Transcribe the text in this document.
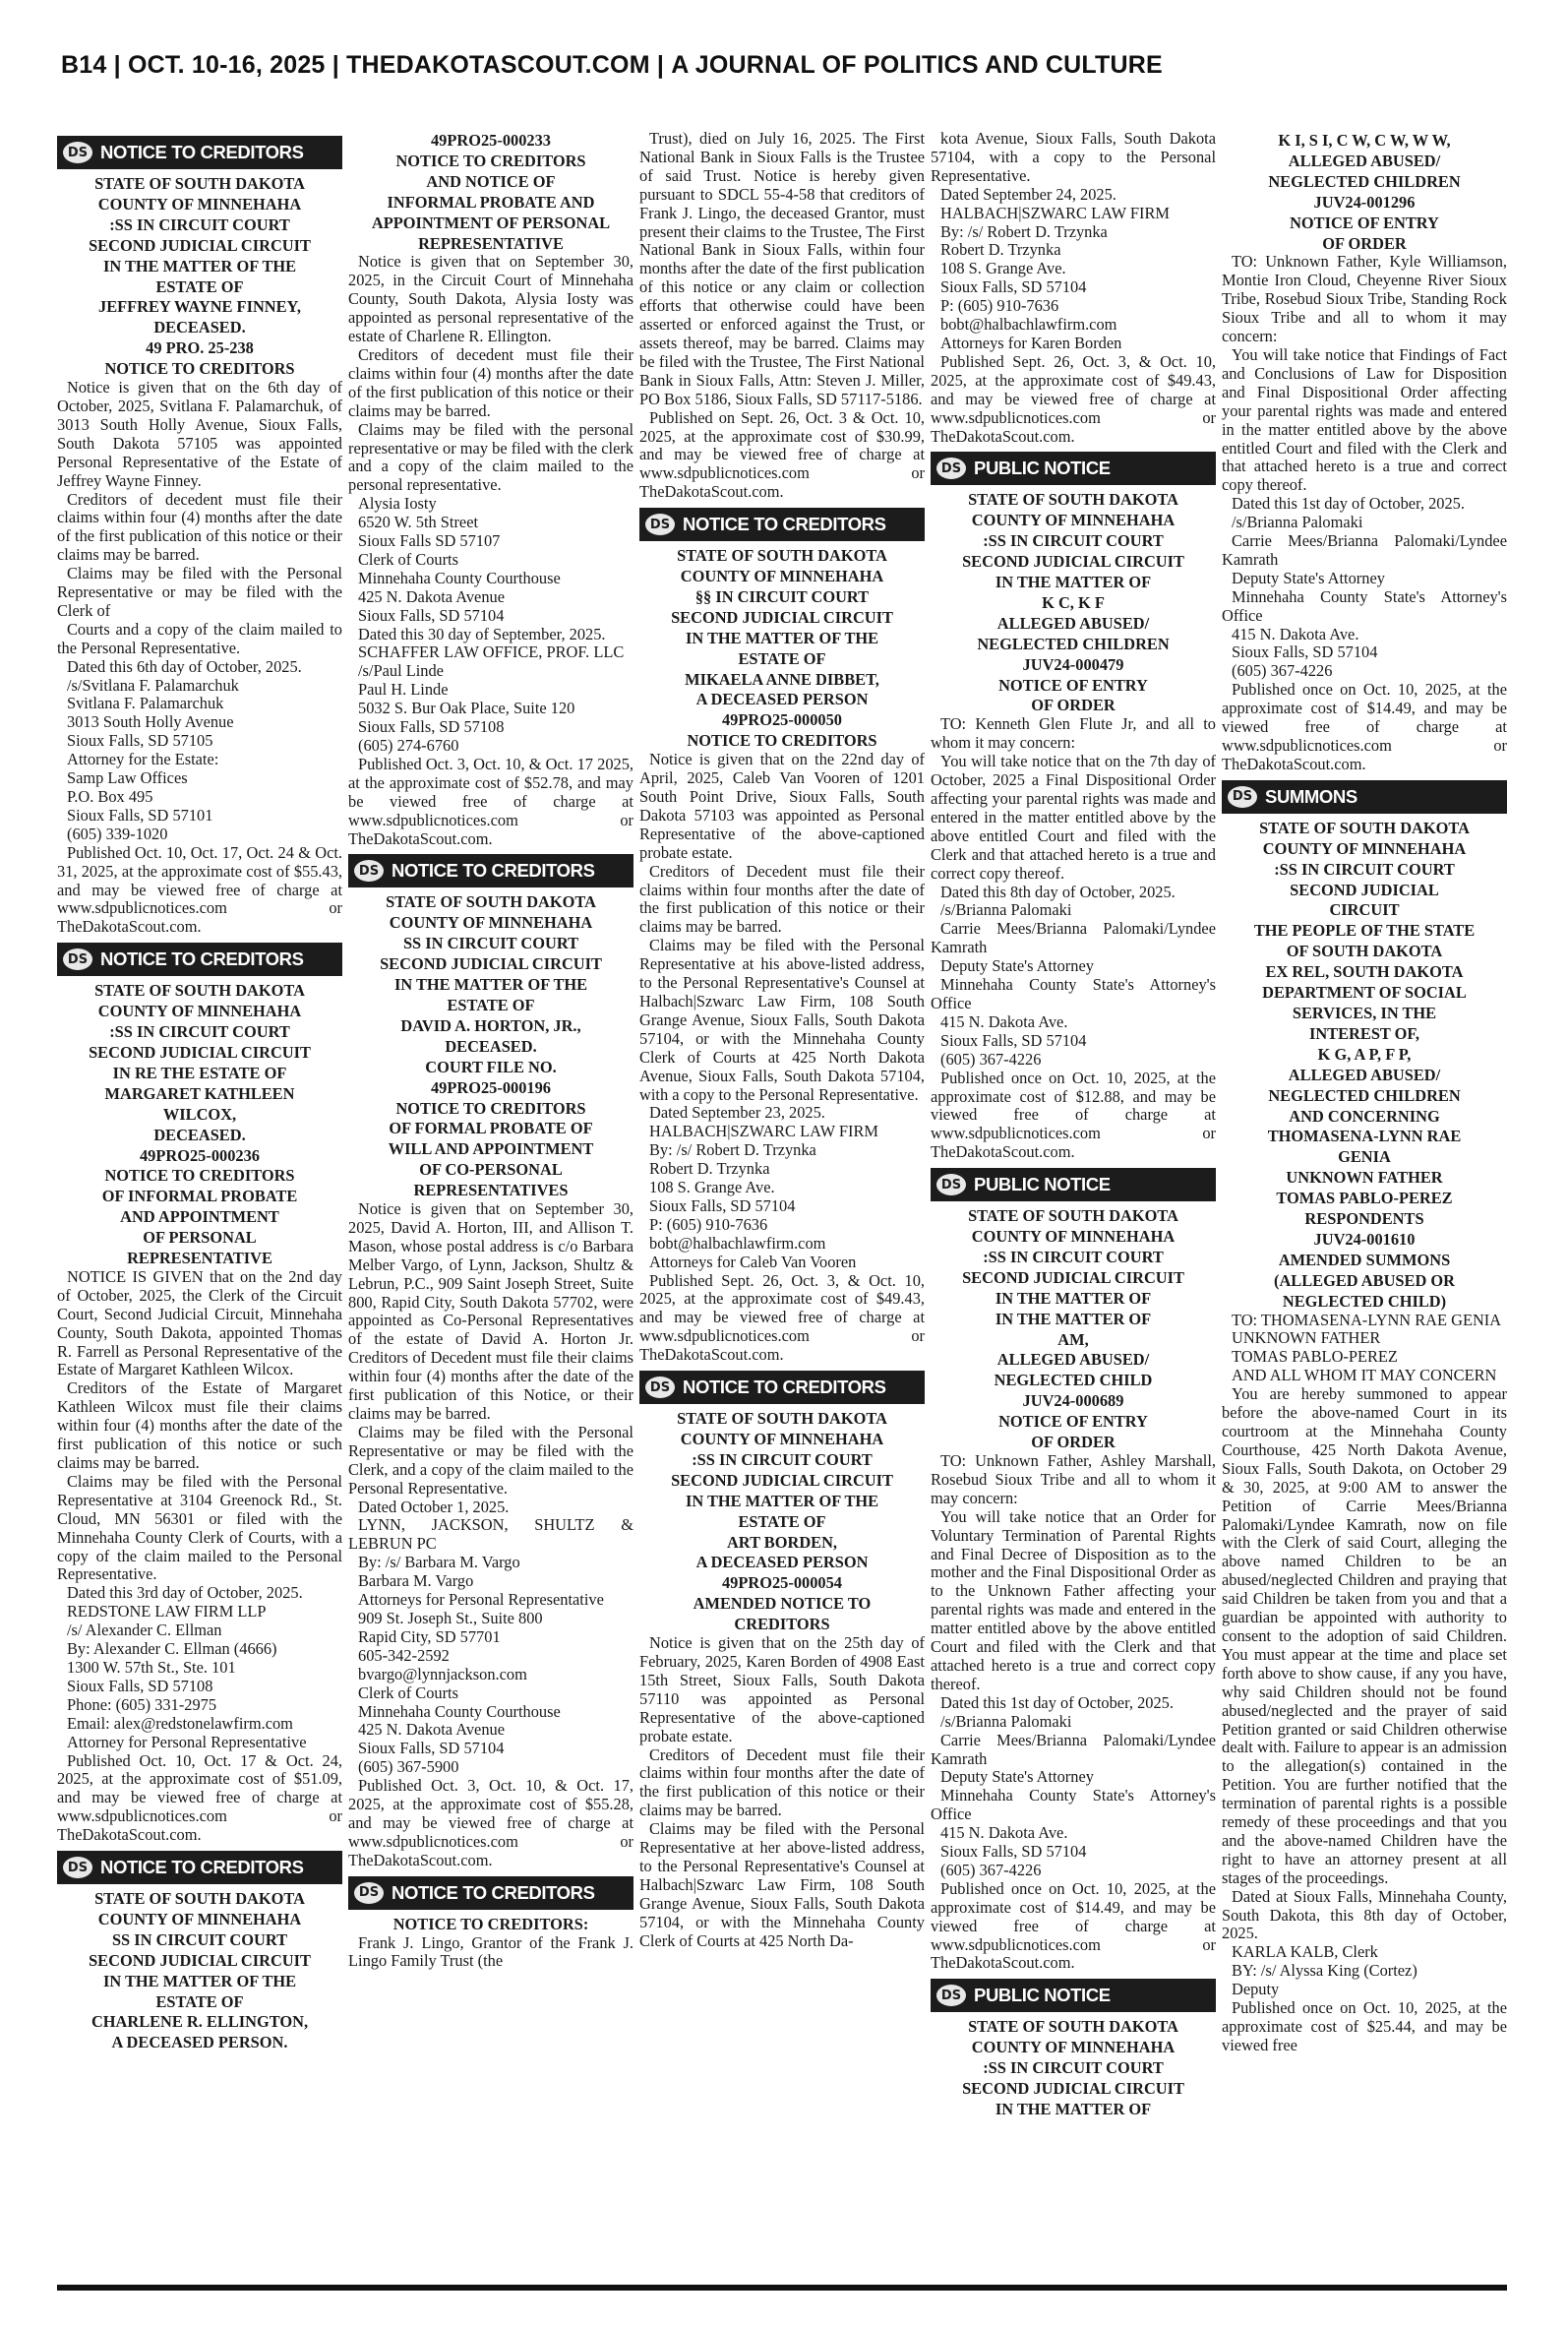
B14 | OCT. 10-16, 2025 | THEDAKOTASCOUT.COM | A JOURNAL OF POLITICS AND CULTURE
DS NOTICE TO CREDITORS
STATE OF SOUTH DAKOTA
COUNTY OF MINNEHAHA
:SS IN CIRCUIT COURT
SECOND JUDICIAL CIRCUIT
IN THE MATTER OF THE
ESTATE OF
JEFFREY WAYNE FINNEY,
DECEASED.
49 PRO. 25-238
NOTICE TO CREDITORS

Notice is given that on the 6th day of October, 2025, Svitlana F. Palamarchuk, of 3013 South Holly Avenue, Sioux Falls, South Dakota 57105 was appointed Personal Representative of the Estate of Jeffrey Wayne Finney.

Creditors of decedent must file their claims within four (4) months after the date of the first publication of this notice or their claims may be barred.

Claims may be filed with the Personal Representative or may be filed with the Clerk of

Courts and a copy of the claim mailed to the Personal Representative.

Dated this 6th day of October, 2025.

/s/Svitlana F. Palamarchuk

Svitlana F. Palamarchuk

3013 South Holly Avenue

Sioux Falls, SD 57105

Attorney for the Estate:

Samp Law Offices

P.O. Box 495

Sioux Falls, SD 57101

(605) 339-1020

Published Oct. 10, Oct. 17, Oct. 24 & Oct. 31, 2025, at the approximate cost of $55.43, and may be viewed free of charge at www.sdpublicnotices.com or TheDakotaScout.com.

DS NOTICE TO CREDITORS
STATE OF SOUTH DAKOTA
COUNTY OF MINNEHAHA
:SS IN CIRCUIT COURT
SECOND JUDICIAL CIRCUIT
IN RE THE ESTATE OF
MARGARET KATHLEEN
WILCOX,
DECEASED.
49PRO25-000236
NOTICE TO CREDITORS
OF INFORMAL PROBATE
AND APPOINTMENT
OF PERSONAL
REPRESENTATIVE

NOTICE IS GIVEN that on the 2nd day of October, 2025, the Clerk of the Circuit Court, Second Judicial Circuit, Minnehaha County, South Dakota, appointed Thomas R. Farrell as Personal Representative of the Estate of Margaret Kathleen Wilcox.

Creditors of the Estate of Margaret Kathleen Wilcox must file their claims within four (4) months after the date of the first publication of this notice or such claims may be barred.

Claims may be filed with the Personal Representative at 3104 Greenock Rd., St. Cloud, MN 56301 or filed with the Minnehaha County Clerk of Courts, with a copy of the claim mailed to the Personal Representative.

Dated this 3rd day of October, 2025.

REDSTONE LAW FIRM LLP

/s/ Alexander C. Ellman

By: Alexander C. Ellman (4666)

1300 W. 57th St., Ste. 101

Sioux Falls, SD 57108

Phone: (605) 331-2975

Email: alex@redstonelawfirm.com

Attorney for Personal Representative

Published Oct. 10, Oct. 17 & Oct. 24, 2025, at the approximate cost of $51.09, and may be viewed free of charge at www.sdpublicnotices.com or TheDakotaScout.com.

DS NOTICE TO CREDITORS
STATE OF SOUTH DAKOTA
COUNTY OF MINNEHAHA
SS IN CIRCUIT COURT
SECOND JUDICIAL CIRCUIT
IN THE MATTER OF THE
ESTATE OF
CHARLENE R. ELLINGTON,
A DECEASED PERSON.
49PRO25-000233
NOTICE TO CREDITORS
AND NOTICE OF
INFORMAL PROBATE AND
APPOINTMENT OF PERSONAL
REPRESENTATIVE

Notice is given that on September 30, 2025, in the Circuit Court of Minnehaha County, South Dakota, Alysia Iosty was appointed as personal representative of the estate of Charlene R. Ellington.

Creditors of decedent must file their claims within four (4) months after the date of the first publication of this notice or their claims may be barred.

Claims may be filed with the personal representative or may be filed with the clerk and a copy of the claim mailed to the personal representative.

Alysia Iosty

6520 W. 5th Street

Sioux Falls SD 57107

Clerk of Courts

Minnehaha County Courthouse

425 N. Dakota Avenue

Sioux Falls, SD 57104

Dated this 30 day of September, 2025.

SCHAFFER LAW OFFICE, PROF. LLC

/s/Paul Linde

Paul H. Linde

5032 S. Bur Oak Place, Suite 120

Sioux Falls, SD 57108

(605) 274-6760

Published Oct. 3, Oct. 10, & Oct. 17 2025, at the approximate cost of $52.78, and may be viewed free of charge at www.sdpublicnotices.com or TheDakotaScout.com.

DS NOTICE TO CREDITORS
STATE OF SOUTH DAKOTA
COUNTY OF MINNEHAHA
SS IN CIRCUIT COURT
SECOND JUDICIAL CIRCUIT
IN THE MATTER OF THE
ESTATE OF
DAVID A. HORTON, JR.,
DECEASED.
COURT FILE NO.
49PRO25-000196
NOTICE TO CREDITORS
OF FORMAL PROBATE OF
WILL AND APPOINTMENT
OF CO-PERSONAL
REPRESENTATIVES

Notice is given that on September 30, 2025, David A. Horton, III, and Allison T. Mason, whose postal address is c/o Barbara Melber Vargo, of Lynn, Jackson, Shultz & Lebrun, P.C., 909 Saint Joseph Street, Suite 800, Rapid City, South Dakota 57702, were appointed as Co-Personal Representatives of the estate of David A. Horton Jr. Creditors of Decedent must file their claims within four (4) months after the date of the first publication of this Notice, or their claims may be barred.

Claims may be filed with the Personal Representative or may be filed with the Clerk, and a copy of the claim mailed to the Personal Representative.

Dated October 1, 2025.

LYNN, JACKSON, SHULTZ & LEBRUN PC

By: /s/ Barbara M. Vargo

Barbara M. Vargo

Attorneys for Personal Representative

909 St. Joseph St., Suite 800

Rapid City, SD 57701

605-342-2592

bvargo@lynnjackson.com

Clerk of Courts

Minnehaha County Courthouse

425 N. Dakota Avenue

Sioux Falls, SD 57104

(605) 367-5900

Published Oct. 3, Oct. 10, & Oct. 17, 2025, at the approximate cost of $55.28, and may be viewed free of charge at www.sdpublicnotices.com or TheDakotaScout.com.

DS NOTICE TO CREDITORS
NOTICE TO CREDITORS:

Frank J. Lingo, Grantor of the Frank J. Lingo Family Trust (the

Trust), died on July 16, 2025. The First National Bank in Sioux Falls is the Trustee of said Trust. Notice is hereby given pursuant to SDCL 55-4-58 that creditors of Frank J. Lingo, the deceased Grantor, must present their claims to the Trustee, The First National Bank in Sioux Falls, within four months after the date of the first publication of this notice or any claim or collection efforts that otherwise could have been asserted or enforced against the Trust, or assets thereof, may be barred. Claims may be filed with the Trustee, The First National Bank in Sioux Falls, Attn: Steven J. Miller, PO Box 5186, Sioux Falls, SD 57117-5186.

Published on Sept. 26, Oct. 3 & Oct. 10, 2025, at the approximate cost of $30.99, and may be viewed free of charge at www.sdpublicnotices.com or TheDakotaScout.com.

DS NOTICE TO CREDITORS
STATE OF SOUTH DAKOTA
COUNTY OF MINNEHAHA
§§ IN CIRCUIT COURT
SECOND JUDICIAL CIRCUIT
IN THE MATTER OF THE
ESTATE OF
MIKAELA ANNE DIBBET,
A DECEASED PERSON
49PRO25-000050
NOTICE TO CREDITORS

Notice is given that on the 22nd day of April, 2025, Caleb Van Vooren of 1201 South Point Drive, Sioux Falls, South Dakota 57103 was appointed as Personal Representative of the above-captioned probate estate.

Creditors of Decedent must file their claims within four months after the date of the first publication of this notice or their claims may be barred.

Claims may be filed with the Personal Representative at his above-listed address, to the Personal Representative's Counsel at Halbach|Szwarc Law Firm, 108 South Grange Avenue, Sioux Falls, South Dakota 57104, or with the Minnehaha County Clerk of Courts at 425 North Dakota Avenue, Sioux Falls, South Dakota 57104, with a copy to the Personal Representative.

Dated September 23, 2025.

HALBACH|SZWARC LAW FIRM

By: /s/ Robert D. Trzynka

Robert D. Trzynka

108 S. Grange Ave.

Sioux Falls, SD 57104

P: (605) 910-7636

bobt@halbachlawfirm.com

Attorneys for Caleb Van Vooren

Published Sept. 26, Oct. 3, & Oct. 10, 2025, at the approximate cost of $49.43, and may be viewed free of charge at www.sdpublicnotices.com or TheDakotaScout.com.

DS NOTICE TO CREDITORS
STATE OF SOUTH DAKOTA
COUNTY OF MINNEHAHA
:SS IN CIRCUIT COURT
SECOND JUDICIAL CIRCUIT
IN THE MATTER OF THE
ESTATE OF
ART BORDEN,
A DECEASED PERSON
49PRO25-000054
AMENDED NOTICE TO
CREDITORS

Notice is given that on the 25th day of February, 2025, Karen Borden of 4908 East 15th Street, Sioux Falls, South Dakota 57110 was appointed as Personal Representative of the above-captioned probate estate.

Creditors of Decedent must file their claims within four months after the date of the first publication of this notice or their claims may be barred.

Claims may be filed with the Personal Representative at her above-listed address, to the Personal Representative's Counsel at Halbach|Szwarc Law Firm, 108 South Grange Avenue, Sioux Falls, South Dakota 57104, or with the Minnehaha County Clerk of Courts at 425 North Da-

kota Avenue, Sioux Falls, South Dakota 57104, with a copy to the Personal Representative.

Dated September 24, 2025.

HALBACH|SZWARC LAW FIRM

By: /s/ Robert D. Trzynka

Robert D. Trzynka

108 S. Grange Ave.

Sioux Falls, SD 57104

P: (605) 910-7636

bobt@halbachlawfirm.com

Attorneys for Karen Borden

Published Sept. 26, Oct. 3, & Oct. 10, 2025, at the approximate cost of $49.43, and may be viewed free of charge at www.sdpublicnotices.com or TheDakotaScout.com.

DS PUBLIC NOTICE
STATE OF SOUTH DAKOTA
COUNTY OF MINNEHAHA
:SS IN CIRCUIT COURT
SECOND JUDICIAL CIRCUIT
IN THE MATTER OF
K C, K F
ALLEGED ABUSED/
NEGLECTED CHILDREN
JUV24-000479
NOTICE OF ENTRY
OF ORDER

TO: Kenneth Glen Flute Jr, and all to whom it may concern:

You will take notice that on the 7th day of October, 2025 a Final Dispositional Order affecting your parental rights was made and entered in the matter entitled above by the above entitled Court and filed with the Clerk and that attached hereto is a true and correct copy thereof.

Dated this 8th day of October, 2025.

/s/Brianna Palomaki

Carrie Mees/Brianna Palomaki/Lyndee Kamrath

Deputy State's Attorney

Minnehaha County State's Attorney's Office

415 N. Dakota Ave.

Sioux Falls, SD 57104

(605) 367-4226

Published once on Oct. 10, 2025, at the approximate cost of $12.88, and may be viewed free of charge at www.sdpublicnotices.com or TheDakotaScout.com.

DS PUBLIC NOTICE
STATE OF SOUTH DAKOTA
COUNTY OF MINNEHAHA
:SS IN CIRCUIT COURT
SECOND JUDICIAL CIRCUIT
IN THE MATTER OF
IN THE MATTER OF
AM,
ALLEGED ABUSED/
NEGLECTED CHILD
JUV24-000689
NOTICE OF ENTRY
OF ORDER

TO: Unknown Father, Ashley Marshall, Rosebud Sioux Tribe and all to whom it may concern:

You will take notice that an Order for Voluntary Termination of Parental Rights and Final Decree of Disposition as to the mother and the Final Dispositional Order as to the Unknown Father affecting your parental rights was made and entered in the matter entitled above by the above entitled Court and filed with the Clerk and that attached hereto is a true and correct copy thereof.

Dated this 1st day of October, 2025.

/s/Brianna Palomaki

Carrie Mees/Brianna Palomaki/Lyndee Kamrath

Deputy State's Attorney

Minnehaha County State's Attorney's Office

415 N. Dakota Ave.

Sioux Falls, SD 57104

(605) 367-4226

Published once on Oct. 10, 2025, at the approximate cost of $14.49, and may be viewed free of charge at www.sdpublicnotices.com or TheDakotaScout.com.

DS PUBLIC NOTICE
STATE OF SOUTH DAKOTA
COUNTY OF MINNEHAHA
:SS IN CIRCUIT COURT
SECOND JUDICIAL CIRCUIT
IN THE MATTER OF
K I, S I, C W, C W, W W,
ALLEGED ABUSED/
NEGLECTED CHILDREN
JUV24-001296
NOTICE OF ENTRY
OF ORDER

TO: Unknown Father, Kyle Williamson, Montie Iron Cloud, Cheyenne River Sioux Tribe, Rosebud Sioux Tribe, Standing Rock Sioux Tribe and all to whom it may concern:

You will take notice that Findings of Fact and Conclusions of Law for Disposition and Final Dispositional Order affecting your parental rights was made and entered in the matter entitled above by the above entitled Court and filed with the Clerk and that attached hereto is a true and correct copy thereof.

Dated this 1st day of October, 2025.

/s/Brianna Palomaki

Carrie Mees/Brianna Palomaki/Lyndee Kamrath

Deputy State's Attorney

Minnehaha County State's Attorney's Office

415 N. Dakota Ave.

Sioux Falls, SD 57104

(605) 367-4226

Published once on Oct. 10, 2025, at the approximate cost of $14.49, and may be viewed free of charge at www.sdpublicnotices.com or TheDakotaScout.com.

DS SUMMONS
STATE OF SOUTH DAKOTA
COUNTY OF MINNEHAHA
:SS IN CIRCUIT COURT
SECOND JUDICIAL
CIRCUIT
THE PEOPLE OF THE STATE
OF SOUTH DAKOTA
EX REL, SOUTH DAKOTA
DEPARTMENT OF SOCIAL
SERVICES, IN THE
INTEREST OF,
K G, A P, F P,
ALLEGED ABUSED/
NEGLECTED CHILDREN
AND CONCERNING
THOMASENA-LYNN RAE
GENIA
UNKNOWN FATHER
TOMAS PABLO-PEREZ
RESPONDENTS
JUV24-001610
AMENDED SUMMONS
(ALLEGED ABUSED OR
NEGLECTED CHILD)

TO: THOMASENA-LYNN RAE GENIA

UNKNOWN FATHER

TOMAS PABLO-PEREZ

AND ALL WHOM IT MAY CONCERN

You are hereby summoned to appear before the above-named Court in its courtroom at the Minnehaha County Courthouse, 425 North Dakota Avenue, Sioux Falls, South Dakota, on October 29 & 30, 2025, at 9:00 AM to answer the Petition of Carrie Mees/Brianna Palomaki/Lyndee Kamrath, now on file with the Clerk of said Court, alleging the above named Children to be an abused/neglected Children and praying that said Children be taken from you and that a guardian be appointed with authority to consent to the adoption of said Children. You must appear at the time and place set forth above to show cause, if any you have, why said Children should not be found abused/neglected and the prayer of said Petition granted or said Children otherwise dealt with. Failure to appear is an admission to the allegation(s) contained in the Petition. You are further notified that the termination of parental rights is a possible remedy of these proceedings and that you and the above-named Children have the right to have an attorney present at all stages of the proceedings.

Dated at Sioux Falls, Minnehaha County, South Dakota, this 8th day of October, 2025.

KARLA KALB, Clerk

BY: /s/ Alyssa King (Cortez)

Deputy

Published once on Oct. 10, 2025, at the approximate cost of $25.44, and may be viewed free
